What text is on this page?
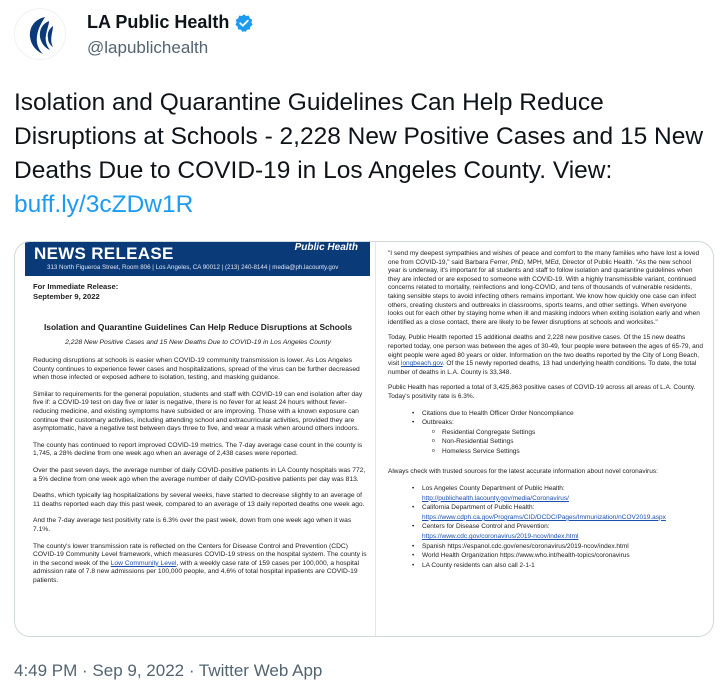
LA Public Health
@lapublichealth
Isolation and Quarantine Guidelines Can Help Reduce Disruptions at Schools - 2,228 New Positive Cases and 15 New Deaths Due to COVID-19 in Los Angeles County. View: buff.ly/3cZDw1R
NEWS RELEASE	Public Health
313 North Figueroa Street, Room 806 | Los Angeles, CA 90012 | (213) 240-8144 | media@ph.lacounty.gov
For Immediate Release:
September 9, 2022
Isolation and Quarantine Guidelines Can Help Reduce Disruptions at Schools
2,228 New Positive Cases and 15 New Deaths Due to COVID-19 in Los Angeles County

Reducing disruptions at schools is easier when COVID-19 community transmission is lower. As Los Angeles County continues to experience fewer cases and hospitalizations, spread of the virus can be further decreased when those infected or exposed adhere to isolation, testing, and masking guidance.

Similar to requirements for the general population, students and staff with COVID-19 can end isolation after day five if: a COVID-19 test on day five or later is negative, there is no fever for at least 24 hours without fever-reducing medicine, and existing symptoms have subsided or are improving. Those with a known exposure can continue their customary activities, including attending school and extracurricular activities, provided they are asymptomatic, have a negative test between days three to five, and wear a mask when around others indoors.

The county has continued to report improved COVID-19 metrics. The 7-day average case count in the county is 1,745, a 28% decline from one week ago when an average of 2,438 cases were reported.

Over the past seven days, the average number of daily COVID-positive patients in LA County hospitals was 772, a 5% decline from one week ago when the average number of daily COVID-positive patients per day was 813.

Deaths, which typically lag hospitalizations by several weeks, have started to decrease slightly to an average of 11 deaths reported each day this past week, compared to an average of 13 daily reported deaths one week ago.

And the 7-day average test positivity rate is 6.3% over the past week, down from one week ago when it was 7.1%.

The county's lower transmission rate is reflected on the Centers for Disease Control and Prevention (CDC) COVID-19 Community Level framework, which measures COVID-19 stress on the hospital system. The county is in the second week of the Low Community Level, with a weekly case rate of 159 cases per 100,000, a hospital admission rate of 7.8 new admissions per 100,000 people, and 4.6% of total hospital inpatients are COVID-19 patients.

"I send my deepest sympathies and wishes of peace and comfort to the many families who have lost a loved one from COVID-19," said Barbara Ferrer, PhD, MPH, MEd, Director of Public Health. "As the new school year is underway, it's important for all students and staff to follow isolation and quarantine guidelines when they are infected or are exposed to someone with COVID-19. With a highly transmissible variant, continued concerns related to mortality, reinfections and long-COVID, and tens of thousands of vulnerable residents, taking sensible steps to avoid infecting others remains important. We know how quickly one case can infect others, creating clusters and outbreaks in classrooms, sports teams, and other settings. When everyone looks out for each other by staying home when ill and masking indoors when exiting isolation early and when identified as a close contact, there are likely to be fewer disruptions at schools and worksites."

Today, Public Health reported 15 additional deaths and 2,228 new positive cases. Of the 15 new deaths reported today, one person was between the ages of 30-49, four people were between the ages of 65-79, and eight people were aged 80 years or older. Information on the two deaths reported by the City of Long Beach, visit longbeach.gov. Of the 15 newly reported deaths, 13 had underlying health conditions. To date, the total number of deaths in L.A. County is 33,348.

Public Health has reported a total of 3,425,863 positive cases of COVID-19 across all areas of L.A. County. Today's positivity rate is 6.3%.

• Citations due to Health Officer Order Noncompliance
• Outbreaks:
o Residential Congregate Settings
o Non-Residential Settings
o Homeless Service Settings

Always check with trusted sources for the latest accurate information about novel coronavirus:

• Los Angeles County Department of Public Health:
http://publichealth.lacounty.gov/media/Coronavirus/
• California Department of Public Health:
https://www.cdph.ca.gov/Programs/CID/DCDC/Pages/Immunization/nCOV2019.aspx
• Centers for Disease Control and Prevention:
https://www.cdc.gov/coronavirus/2019-ncov/index.html
• Spanish https://espanol.cdc.gov/enes/coronavirus/2019-ncov/index.html
• World Health Organization https://www.who.int/health-topics/coronavirus
• LA County residents can also call 2-1-1
4:49 PM · Sep 9, 2022 · Twitter Web App
